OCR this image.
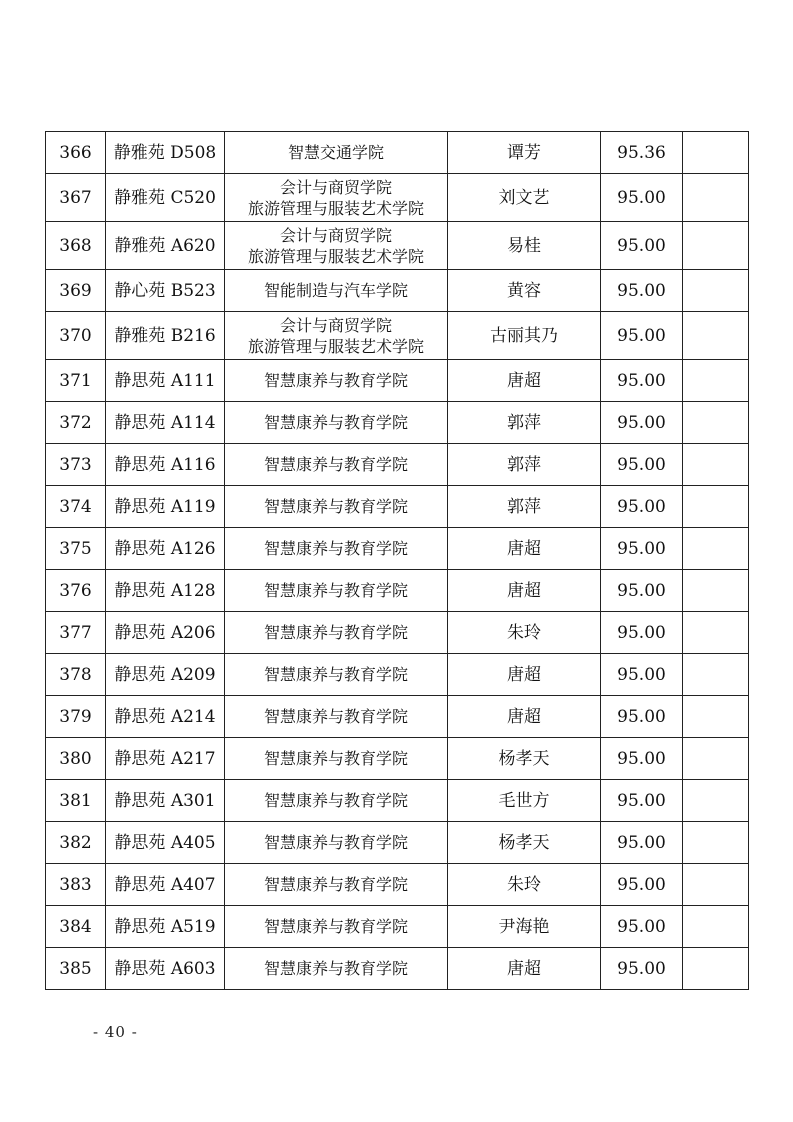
366	静雅苑 D508	智慧交通学院	谭芳	95.36	
367	静雅苑 C520	会计与商贸学院
旅游管理与服装艺术学院	刘文艺	95.00	
368	静雅苑 A620	会计与商贸学院
旅游管理与服装艺术学院	易桂	95.00	
369	静心苑 B523	智能制造与汽车学院	黄容	95.00	
370	静雅苑 B216	会计与商贸学院
旅游管理与服装艺术学院	古丽其乃	95.00	
371	静思苑 A111	智慧康养与教育学院	唐超	95.00	
372	静思苑 A114	智慧康养与教育学院	郭萍	95.00	
373	静思苑 A116	智慧康养与教育学院	郭萍	95.00	
374	静思苑 A119	智慧康养与教育学院	郭萍	95.00	
375	静思苑 A126	智慧康养与教育学院	唐超	95.00	
376	静思苑 A128	智慧康养与教育学院	唐超	95.00	
377	静思苑 A206	智慧康养与教育学院	朱玲	95.00	
378	静思苑 A209	智慧康养与教育学院	唐超	95.00	
379	静思苑 A214	智慧康养与教育学院	唐超	95.00	
380	静思苑 A217	智慧康养与教育学院	杨孝天	95.00	
381	静思苑 A301	智慧康养与教育学院	毛世方	95.00	
382	静思苑 A405	智慧康养与教育学院	杨孝天	95.00	
383	静思苑 A407	智慧康养与教育学院	朱玲	95.00	
384	静思苑 A519	智慧康养与教育学院	尹海艳	95.00	
385	静思苑 A603	智慧康养与教育学院	唐超	95.00	
- 40 -
